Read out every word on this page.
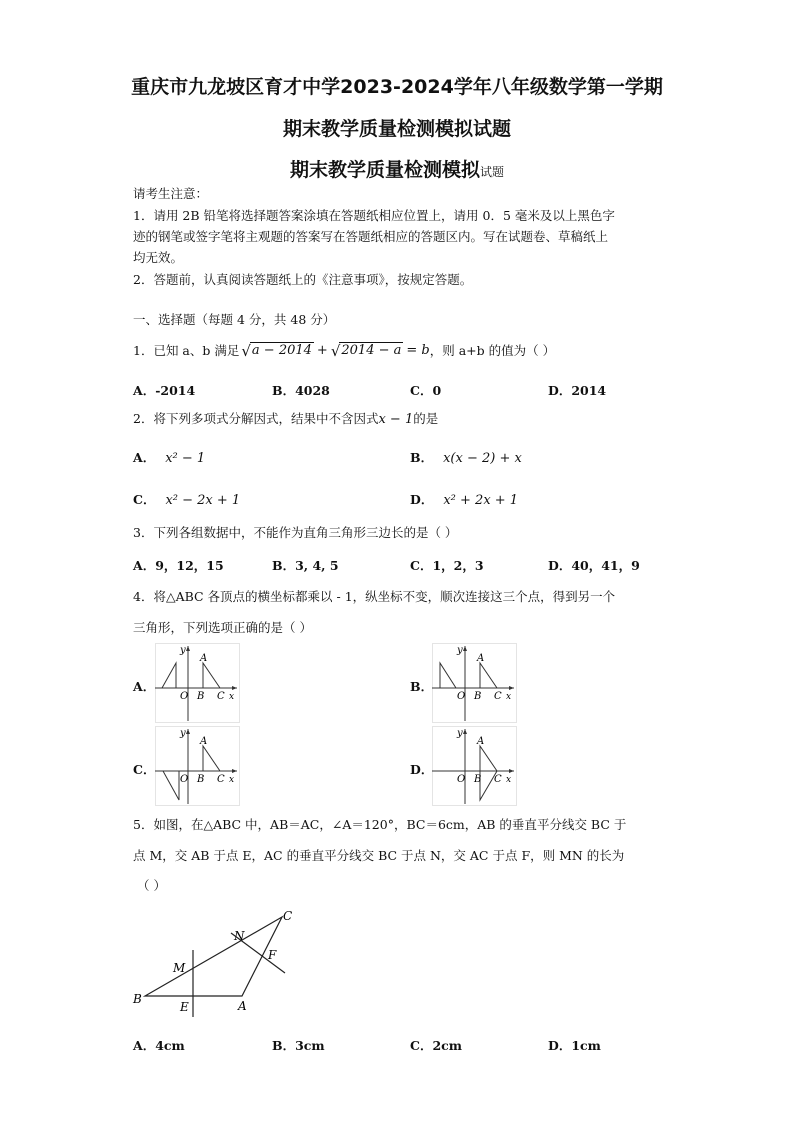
重庆市九龙坡区育才中学2023-2024学年八年级数学第一学期
期末教学质量检测模拟试题
期末教学质量检测模拟试题
请考生注意：
1．请用 2B 铅笔将选择题答案涂填在答题纸相应位置上，请用 0．5 毫米及以上黑色字
迹的钢笔或签字笔将主观题的答案写在答题纸相应的答题区内。写在试题卷、草稿纸上
均无效。
2．答题前，认真阅读答题纸上的《注意事项》，按规定答题。
一、选择题（每题 4 分，共 48 分）
1．已知 a、b 满足 √ a − 2014 + √ 2014 − a = b ，则 a+b 的值为（ ）
A．-2014	B．4028	C．0	D．2014
2．将下列多项式分解因式，结果中不含因式x − 1的是
A． x² − 1	B． x(x − 2) + x
C． x² − 2x + 1	D． x² + 2x + 1
3．下列各组数据中，不能作为直角三角形三边长的是（ ）
A．9，12，15	B．3, 4, 5	C．1，2，3	D．40，41，9
4．将△ABC 各顶点的横坐标都乘以 - 1，纵坐标不变，顺次连接这三个点，得到另一个
三角形，下列选项正确的是（ ）
A．	B．
C．	D．
y
A
O B C x
y
A
O B C x
y
A
O B C x
y
A
O B C x
5．如图，在△ABC 中，AB＝AC，∠A＝120°，BC＝6cm，AB 的垂直平分线交 BC 于
点 M，交 AB 于点 E，AC 的垂直平分线交 BC 于点 N，交 AC 于点 F，则 MN 的长为
（ ）
B
E	A
C
M
N
F
A．4cm	B．3cm	C．2cm	D．1cm
